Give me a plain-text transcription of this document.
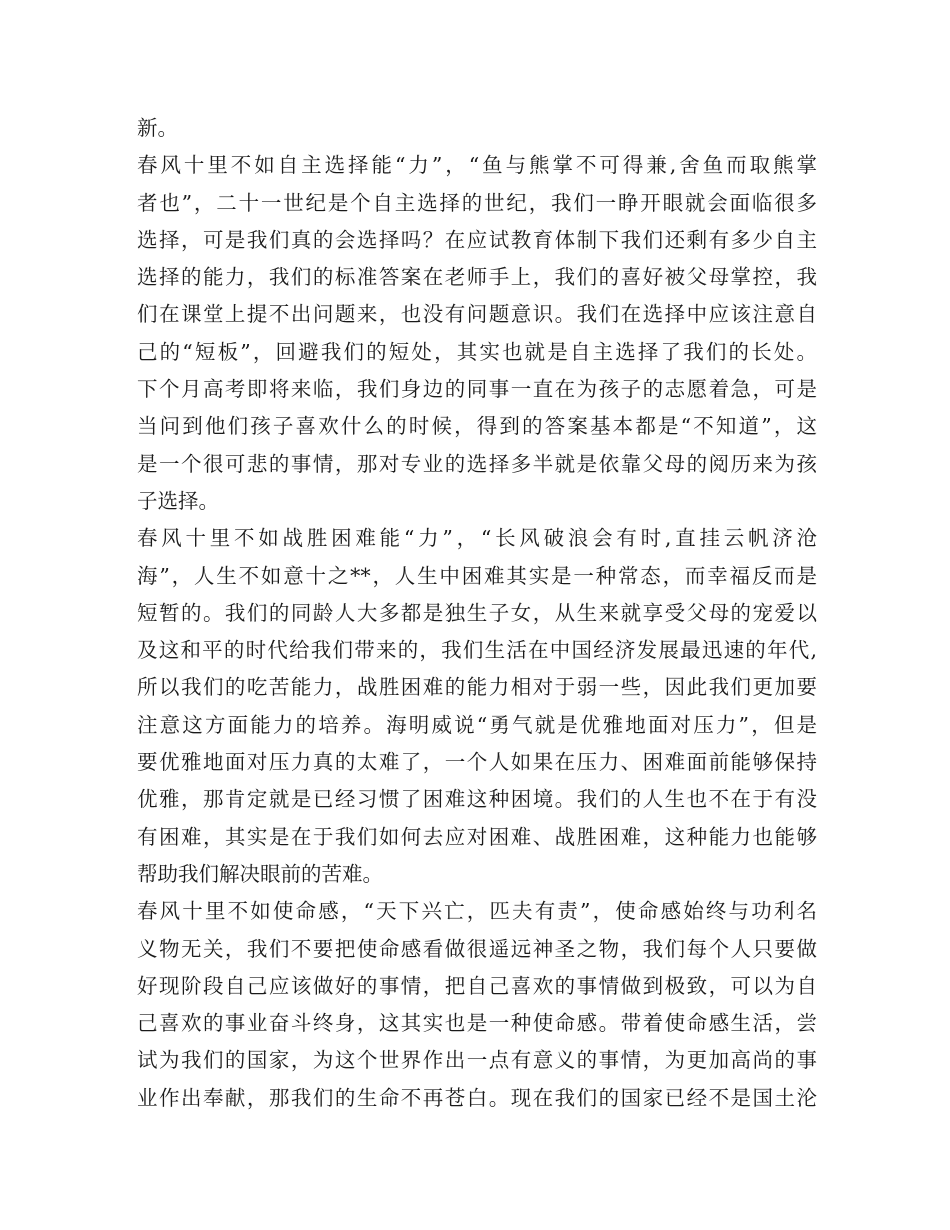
新。
春风十里不如自主选择能“力”，“鱼与熊掌不可得兼,舍鱼而取熊掌
者也”，二十一世纪是个自主选择的世纪，我们一睁开眼就会面临很多
选择，可是我们真的会选择吗？在应试教育体制下我们还剩有多少自主
选择的能力，我们的标准答案在老师手上，我们的喜好被父母掌控，我
们在课堂上提不出问题来，也没有问题意识。我们在选择中应该注意自
己的“短板”，回避我们的短处，其实也就是自主选择了我们的长处。
下个月高考即将来临，我们身边的同事一直在为孩子的志愿着急，可是
当问到他们孩子喜欢什么的时候，得到的答案基本都是“不知道”，这
是一个很可悲的事情，那对专业的选择多半就是依靠父母的阅历来为孩
子选择。
春风十里不如战胜困难能“力”，“长风破浪会有时,直挂云帆济沧
海”，人生不如意十之**，人生中困难其实是一种常态，而幸福反而是
短暂的。我们的同龄人大多都是独生子女，从生来就享受父母的宠爱以
及这和平的时代给我们带来的，我们生活在中国经济发展最迅速的年代,
所以我们的吃苦能力，战胜困难的能力相对于弱一些，因此我们更加要
注意这方面能力的培养。海明威说“勇气就是优雅地面对压力”，但是
要优雅地面对压力真的太难了，一个人如果在压力、困难面前能够保持
优雅，那肯定就是已经习惯了困难这种困境。我们的人生也不在于有没
有困难，其实是在于我们如何去应对困难、战胜困难，这种能力也能够
帮助我们解决眼前的苦难。
春风十里不如使命感，“天下兴亡，匹夫有责”，使命感始终与功利名
义物无关，我们不要把使命感看做很遥远神圣之物，我们每个人只要做
好现阶段自己应该做好的事情，把自己喜欢的事情做到极致，可以为自
己喜欢的事业奋斗终身，这其实也是一种使命感。带着使命感生活，尝
试为我们的国家，为这个世界作出一点有意义的事情，为更加高尚的事
业作出奉献，那我们的生命不再苍白。现在我们的国家已经不是国土沦
